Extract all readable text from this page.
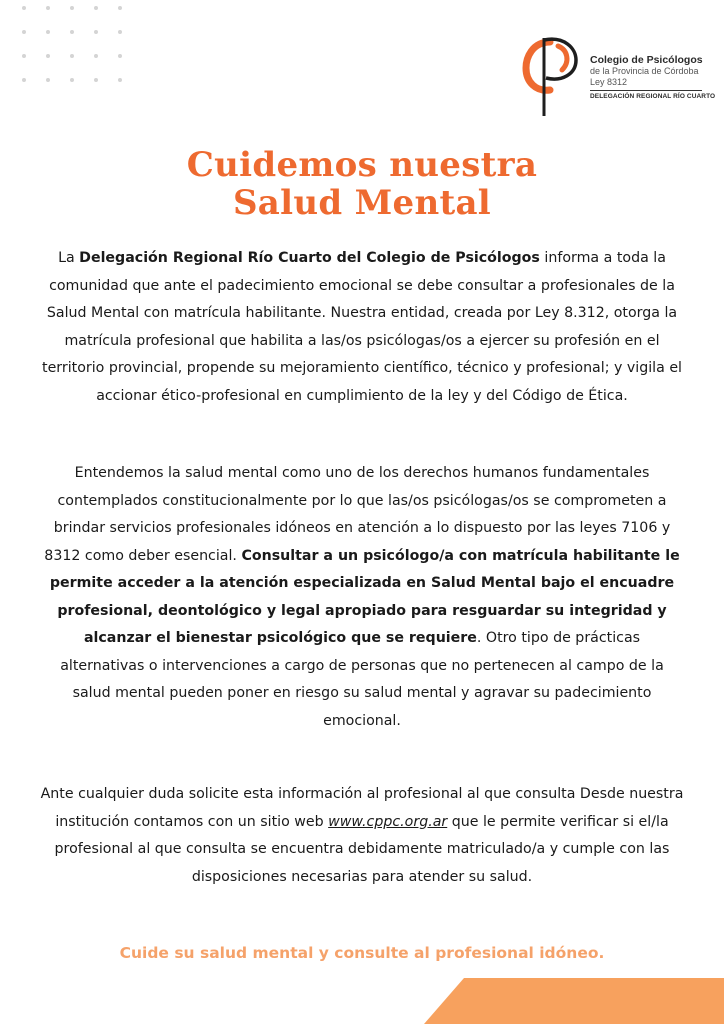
Colegio de Psicólogos
de la Provincia de Córdoba
Ley 8312
DELEGACIÓN REGIONAL RÍO CUARTO
Cuidemos nuestra
Salud Mental

La Delegación Regional Río Cuarto del Colegio de Psicólogos informa a toda la comunidad que ante el padecimiento emocional se debe consultar a profesionales de la Salud Mental con matrícula habilitante. Nuestra entidad, creada por Ley 8.312, otorga la matrícula profesional que habilita a las/os psicólogas/os a ejercer su profesión en el territorio provincial, propende su mejoramiento científico, técnico y profesional; y vigila el accionar ético-profesional en cumplimiento de la ley y del Código de Ética.

Entendemos la salud mental como uno de los derechos humanos fundamentales contemplados constitucionalmente por lo que las/os psicólogas/os se comprometen a brindar servicios profesionales idóneos en atención a lo dispuesto por las leyes 7106 y 8312 como deber esencial. Consultar a un psicólogo/a con matrícula habilitante le permite acceder a la atención especializada en Salud Mental bajo el encuadre profesional, deontológico y legal apropiado para resguardar su integridad y alcanzar el bienestar psicológico que se requiere. Otro tipo de prácticas alternativas o intervenciones a cargo de personas que no pertenecen al campo de la salud mental pueden poner en riesgo su salud mental y agravar su padecimiento emocional.

Ante cualquier duda solicite esta información al profesional al que consulta Desde nuestra institución contamos con un sitio web www.cppc.org.ar que le permite verificar si el/la profesional al que consulta se encuentra debidamente matriculado/a y cumple con las disposiciones necesarias para atender su salud.

Cuide su salud mental y consulte al profesional idóneo.
